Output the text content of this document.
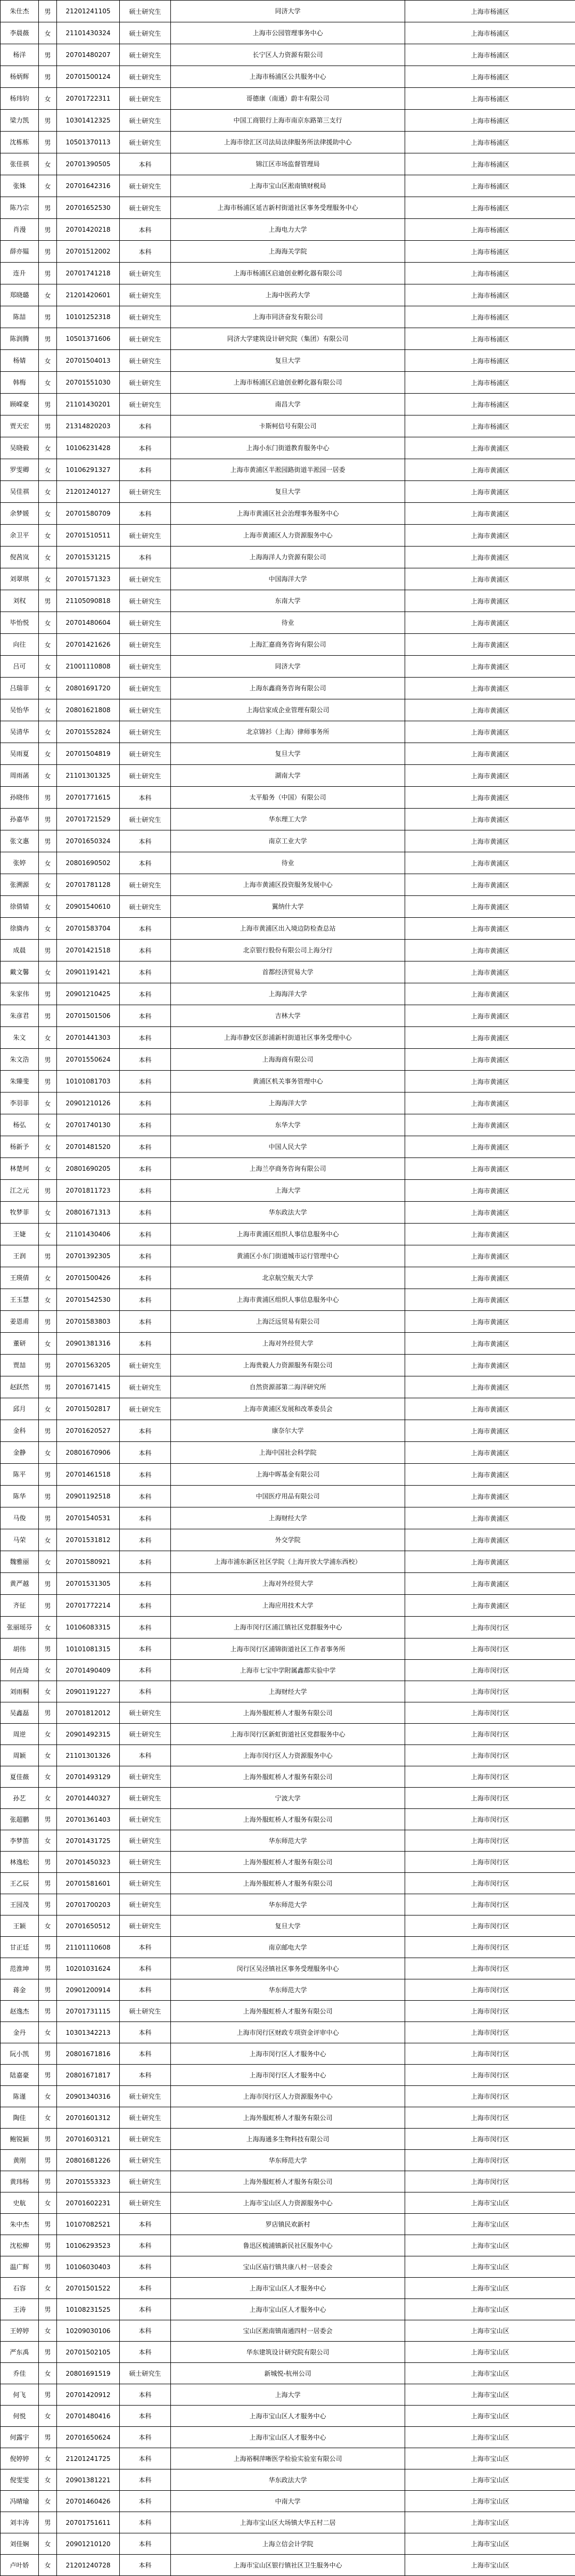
朱仕杰	男	21201241105	硕士研究生	同济大学	上海市杨浦区
李晨薇	女	21101430324	硕士研究生	上海市公园管理事务中心	上海市杨浦区
杨洋	男	20701480207	硕士研究生	长宁区人力资源有限公司	上海市杨浦区
杨炳辉	男	20701500124	硕士研究生	上海市杨浦区公共服务中心	上海市杨浦区
杨玮钧	女	20701722311	硕士研究生	哥德康（南通）蔚丰有限公司	上海市杨浦区
梁力凯	男	10301412325	硕士研究生	中国工商银行上海市南京东路第三支行	上海市杨浦区
沈栋栋	男	10501370113	硕士研究生	上海市徐汇区司法局法律服务所法律援助中心	上海市杨浦区
张佳祺	女	20701390505	本科	锦江区市场监督管理局	上海市杨浦区
张姝	女	20701642316	硕士研究生	上海市宝山区淞南镇财税局	上海市杨浦区
陈乃宗	男	20701652530	硕士研究生	上海市杨浦区延吉新村街道社区事务受理服务中心	上海市杨浦区
肖漫	男	20701420218	本科	上海电力大学	上海市杨浦区
薛亦韫	男	20701512002	本科	上海海关学院	上海市杨浦区
连升	男	20701741218	硕士研究生	上海市杨浦区启迪创业孵化器有限公司	上海市杨浦区
郑晓璐	女	21201420601	硕士研究生	上海中医药大学	上海市杨浦区
陈喆	男	10101252318	硕士研究生	上海市同济奋发有限公司	上海市杨浦区
陈润腾	男	10501371606	硕士研究生	同济大学建筑设计研究院（集团）有限公司	上海市杨浦区
杨婧	女	20701504013	硕士研究生	复旦大学	上海市杨浦区
韩梅	女	20701551030	硕士研究生	上海市杨浦区启迪创业孵化器有限公司	上海市杨浦区
顾嵘豪	男	21101430201	硕士研究生	南昌大学	上海市杨浦区
贾天宏	男	21314820203	本科	卡斯柯信号有限公司	上海市杨浦区
吴晓毅	女	10106231428	本科	上海小东门街道教育服务中心	上海市黄浦区
罗雯卿	女	10106291327	本科	上海市黄浦区半淞园路街道半淞园一居委	上海市黄浦区
吴佳祺	女	21201240127	硕士研究生	复旦大学	上海市黄浦区
余梦媛	女	20701580709	本科	上海市黄浦区社会治理事务服务中心	上海市黄浦区
余卫平	女	20701510511	硕士研究生	上海市黄浦区人力资源服务中心	上海市黄浦区
倪茜岚	女	20701531215	本科	上海海洋人力资源有限公司	上海市黄浦区
刘翠琪	女	20701571323	硕士研究生	中国海洋大学	上海市黄浦区
刘权	男	21105090818	硕士研究生	东南大学	上海市黄浦区
毕怡悦	女	20701480604	硕士研究生	待业	上海市黄浦区
向往	女	20701421626	硕士研究生	上海汇嘉商务咨询有限公司	上海市黄浦区
吕可	女	21001110808	硕士研究生	同济大学	上海市黄浦区
吕瑞菲	女	20801691720	硕士研究生	上海东鑫商务咨询有限公司	上海市黄浦区
吴怡华	女	20801621808	硕士研究生	上海信家成企业管理有限公司	上海市黄浦区
吴清华	女	20701552824	硕士研究生	北京锦衫（上海）律师事务所	上海市黄浦区
吴雨夏	女	20701504819	硕士研究生	复旦大学	上海市黄浦区
周雨菡	女	21101301325	硕士研究生	湖南大学	上海市黄浦区
孙晓伟	男	20701771615	本科	太平船务（中国）有限公司	上海市黄浦区
孙嘉华	男	20701721529	硕士研究生	华东理工大学	上海市黄浦区
张文惠	男	20701650324	本科	南京工业大学	上海市黄浦区
张婷	女	20801690502	本科	待业	上海市黄浦区
张溯源	女	20701781128	硕士研究生	上海市黄浦区投资服务发展中心	上海市黄浦区
徐倩婧	女	20901540610	硕士研究生	翼纳什大学	上海市黄浦区
徐旖冉	女	20701583704	本科	上海市黄浦区出入境边防检查总站	上海市黄浦区
成晨	男	20701421518	本科	北京银行股份有限公司上海分行	上海市黄浦区
戴文馨	女	20901191421	本科	首都经济贸易大学	上海市黄浦区
朱家伟	男	20901210425	本科	上海海洋大学	上海市黄浦区
朱彦君	男	20701501506	本科	吉林大学	上海市黄浦区
朱文	女	20701441303	本科	上海市静安区彭浦新村街道社区事务受理中心	上海市黄浦区
朱文浩	男	20701550624	本科	上海海商有限公司	上海市黄浦区
朱臻斐	男	10101081703	本科	黄浦区机关事务管理中心	上海市黄浦区
李羽菲	女	20901210126	本科	上海海洋大学	上海市黄浦区
杨弘	女	20701740130	本科	东华大学	上海市黄浦区
杨新予	女	20701481520	本科	中国人民大学	上海市黄浦区
林楚珂	女	20801690205	本科	上海兰亭商务咨询有限公司	上海市黄浦区
江之元	男	20701811723	本科	上海大学	上海市黄浦区
牧梦菲	女	20801671313	本科	华东政法大学	上海市黄浦区
王婕	女	21101430406	本科	上海市黄浦区组织人事信息服务中心	上海市黄浦区
王润	男	20701392305	本科	黄浦区小东门街道城市运行管理中心	上海市黄浦区
王瑛倩	女	20701500426	本科	北京航空航天大学	上海市黄浦区
王玉慧	女	20701542530	本科	上海市黄浦区组织人事信息服务中心	上海市黄浦区
姜恩甫	男	20701583803	本科	上海泛远贸易有限公司	上海市黄浦区
董研	女	20901381316	本科	上海对外经贸大学	上海市黄浦区
贾喆	男	20701563205	硕士研究生	上海贵毅人力资源服务有限公司	上海市黄浦区
赵跃然	男	20701671415	硕士研究生	自然资源部第二海洋研究所	上海市黄浦区
邱月	女	20701502817	硕士研究生	上海市黄浦区发展和改革委员会	上海市黄浦区
金科	男	20701620527	本科	康奈尔大学	上海市黄浦区
金静	女	20801670906	本科	上海中国社会科学院	上海市黄浦区
陈平	男	20701461518	本科	上海中晖基金有限公司	上海市黄浦区
陈华	男	20901192518	本科	中国医疗用品有限公司	上海市黄浦区
马俊	男	20701540531	本科	上海财经大学	上海市黄浦区
马荣	女	20701531812	本科	外交学院	上海市黄浦区
魏雅丽	女	20701580921	本科	上海市浦东新区社区学院（上海开放大学浦东西校）	上海市黄浦区
黄严越	男	20701531305	本科	上海对外经贸大学	上海市黄浦区
齐征	男	20701772214	本科	上海应用技术大学	上海市黄浦区
张丽瑶芬	女	10106083315	本科	上海市闵行区浦江镇社区党群服务中心	上海市闵行区
胡伟	男	10101081315	本科	上海市闵行区浦锦街道社区工作者事务所	上海市闵行区
何垚琦	女	20701490409	本科	上海市七宝中学附属鑫都实验中学	上海市闵行区
刘雨桐	女	20901191227	本科	上海财经大学	上海市闵行区
吴鑫磊	男	20701812012	硕士研究生	上海外服虹桥人才服务有限公司	上海市闵行区
周逆	女	20901492315	硕士研究生	上海市闵行区新虹街道社区党群服务中心	上海市闵行区
周颖	女	21101301326	本科	上海市闵行区人力资源服务中心	上海市闵行区
夏佳薇	女	20701493129	硕士研究生	上海外服虹桥人才服务有限公司	上海市闵行区
孙艺	女	20701440327	硕士研究生	宁波大学	上海市闵行区
张超鹏	男	20701361403	硕士研究生	上海外服虹桥人才服务有限公司	上海市闵行区
李梦笛	女	20701431725	硕士研究生	华东师范大学	上海市闵行区
林逸松	男	20701450323	硕士研究生	上海外服虹桥人才服务有限公司	上海市闵行区
王乙辰	男	20701581601	硕士研究生	上海外服虹桥人才服务有限公司	上海市闵行区
王园茂	男	20701700203	硕士研究生	华东师范大学	上海市闵行区
王颖	女	20701650512	硕士研究生	复旦大学	上海市闵行区
甘正廷	男	21101110608	本科	南京邮电大学	上海市闵行区
范淮坤	男	10201031624	本科	闵行区吴泾镇社区事务受理服务中心	上海市闵行区
蒋金	男	20901200914	本科	华东师范大学	上海市闵行区
赵逸杰	男	20701731115	硕士研究生	上海外服虹桥人才服务有限公司	上海市闵行区
金丹	女	10301342213	本科	上海市闵行区财政专项资金评审中心	上海市闵行区
阮小凯	男	20801671816	本科	上海市闵行区人才服务中心	上海市闵行区
陆嘉豪	男	20801671817	本科	上海市闵行区人才服务中心	上海市闵行区
陈谨	女	20901340316	硕士研究生	上海市闵行区人力资源服务中心	上海市闵行区
陶佳	女	20701601312	硕士研究生	上海外服虹桥人才服务有限公司	上海市闵行区
鲍锐颖	男	20701603121	硕士研究生	上海海通多生物科技有限公司	上海市闵行区
黄刚	男	20801681226	硕士研究生	华东师范大学	上海市闵行区
黄玮杨	男	20701553323	硕士研究生	上海外服虹桥人才服务有限公司	上海市闵行区
史航	女	20701602231	硕士研究生	上海市宝山区人力资源服务中心	上海市宝山区
朱中杰	男	10107082521	本科	罗店镇民欢新村	上海市宝山区
沈松柳	男	10106293523	本科	鲁迅区梳浦镇新民社区服务中心	上海市宝山区
温广辉	男	10106030403	本科	宝山区庙行镇共康八村一居委会	上海市宝山区
石容	女	20701501522	本科	上海市宝山区人才服务中心	上海市宝山区
王涛	男	10108231525	本科	上海市宝山区人才服务中心	上海市宝山区
王婷婷	女	10209030106	本科	宝山区淞南镇南通四村一居委会	上海市宝山区
严东禹	男	20701502105	本科	华东建筑设计研究院有限公司	上海市宝山区
乔佳	女	20801691519	硕士研究生	新城悦-杭州公司	上海市宝山区
何飞	男	20701420912	本科	上海大学	上海市宝山区
何悦	女	20701480416	本科	上海市宝山区人才服务中心	上海市宝山区
何露宇	男	20701650624	本科	上海市宝山区人才服务中心	上海市宝山区
倪婷婷	女	21201241725	本科	上海裕桐萍晰医学检验实验室有限公司	上海市宝山区
倪雯雯	女	20901381221	本科	华东政法大学	上海市宝山区
冯晴瑜	女	20701460426	本科	中南大学	上海市宝山区
刘丰涛	男	20701751611	本科	上海市宝山区大场镇大华五村二居	上海市宝山区
刘佳娴	女	20901210120	本科	上海立信会计学院	上海市宝山区
卢叶娇	女	21201240728	本科	上海市宝山区银行镇社区卫生服务中心	上海市宝山区
